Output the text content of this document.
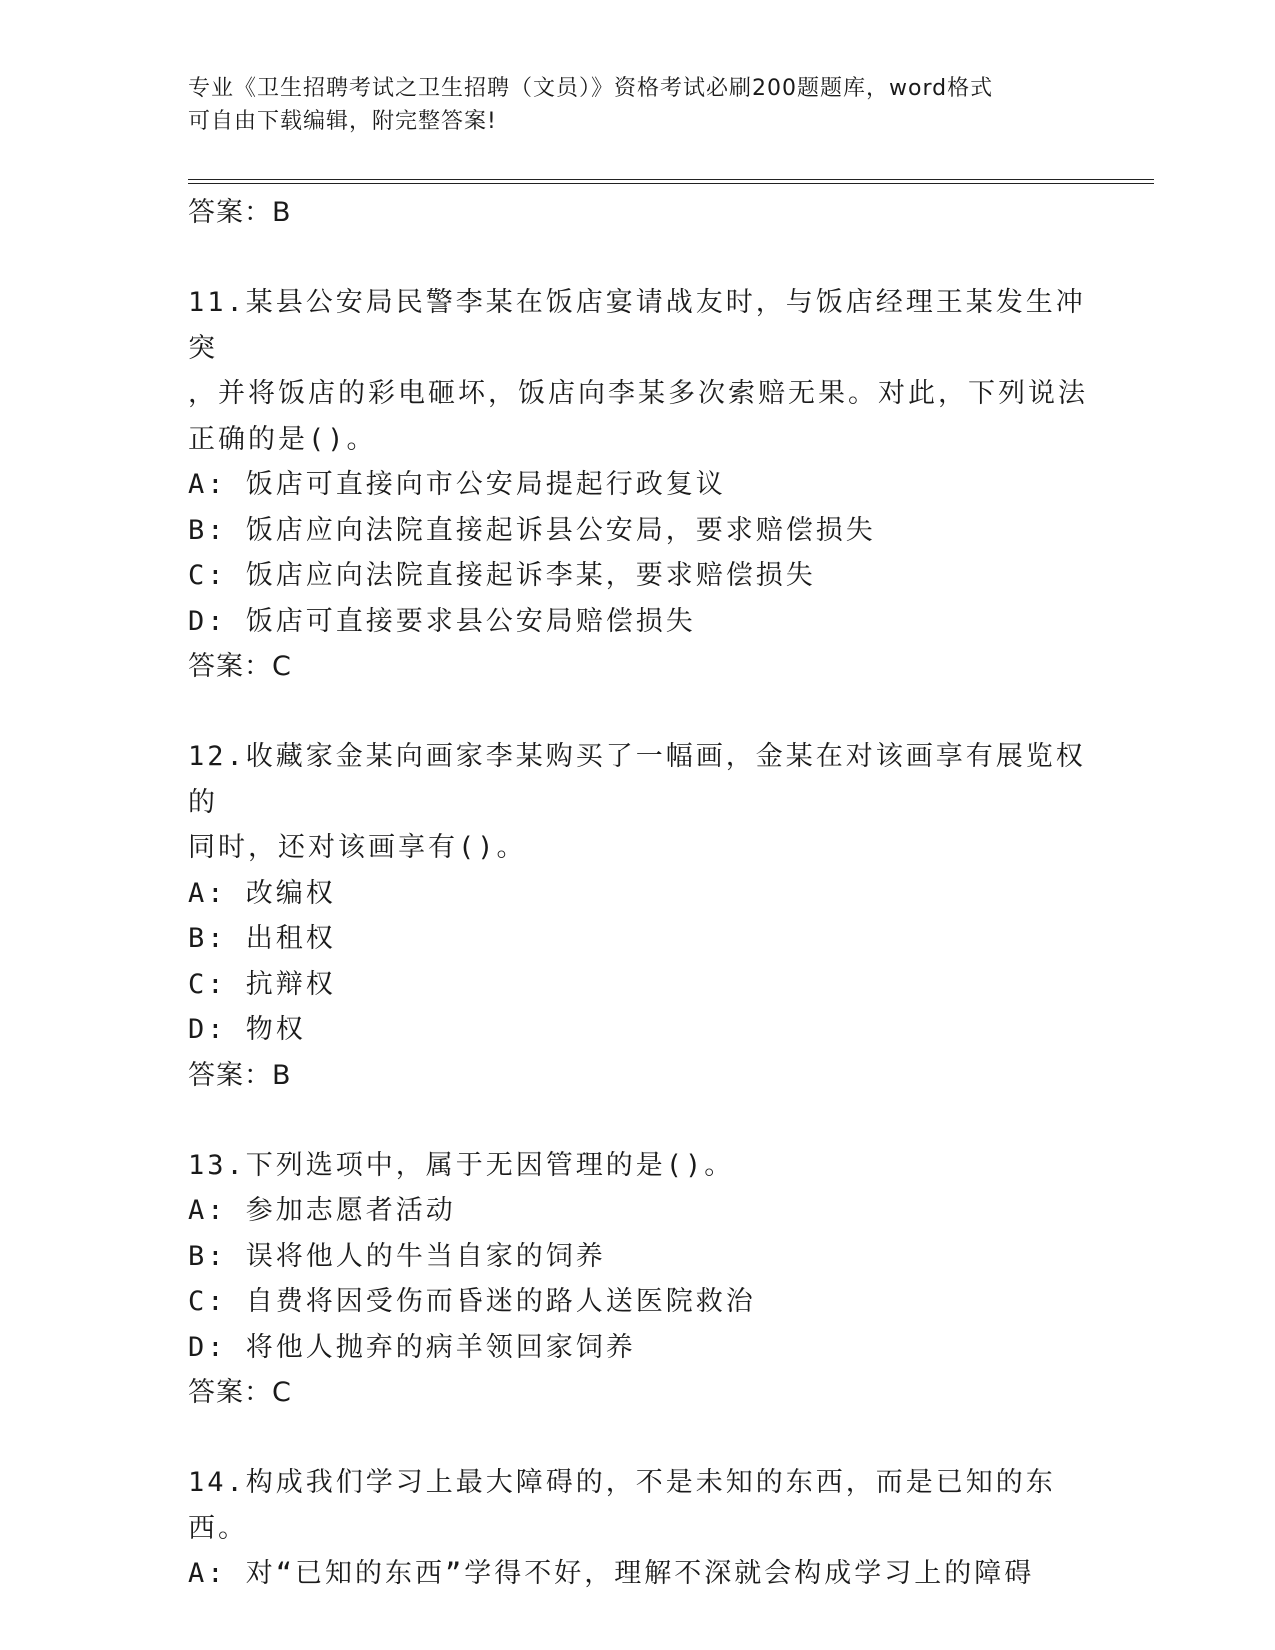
专业《卫生招聘考试之卫生招聘（文员）》资格考试必刷200题题库，word格式
可自由下载编辑，附完整答案!
答案：B
11.某县公安局民警李某在饭店宴请战友时，与饭店经理王某发生冲突
，并将饭店的彩电砸坏，饭店向李某多次索赔无果。对此，下列说法
正确的是()。
A: 饭店可直接向市公安局提起行政复议
B: 饭店应向法院直接起诉县公安局，要求赔偿损失
C: 饭店应向法院直接起诉李某，要求赔偿损失
D: 饭店可直接要求县公安局赔偿损失
答案：C
12.收藏家金某向画家李某购买了一幅画，金某在对该画享有展览权的
同时，还对该画享有()。
A: 改编权
B: 出租权
C: 抗辩权
D: 物权
答案：B
13.下列选项中，属于无因管理的是()。
A: 参加志愿者活动
B: 误将他人的牛当自家的饲养
C: 自费将因受伤而昏迷的路人送医院救治
D: 将他人抛弃的病羊领回家饲养
答案：C
14.构成我们学习上最大障碍的，不是未知的东西，而是已知的东西。
A: 对“已知的东西”学得不好，理解不深就会构成学习上的障碍
